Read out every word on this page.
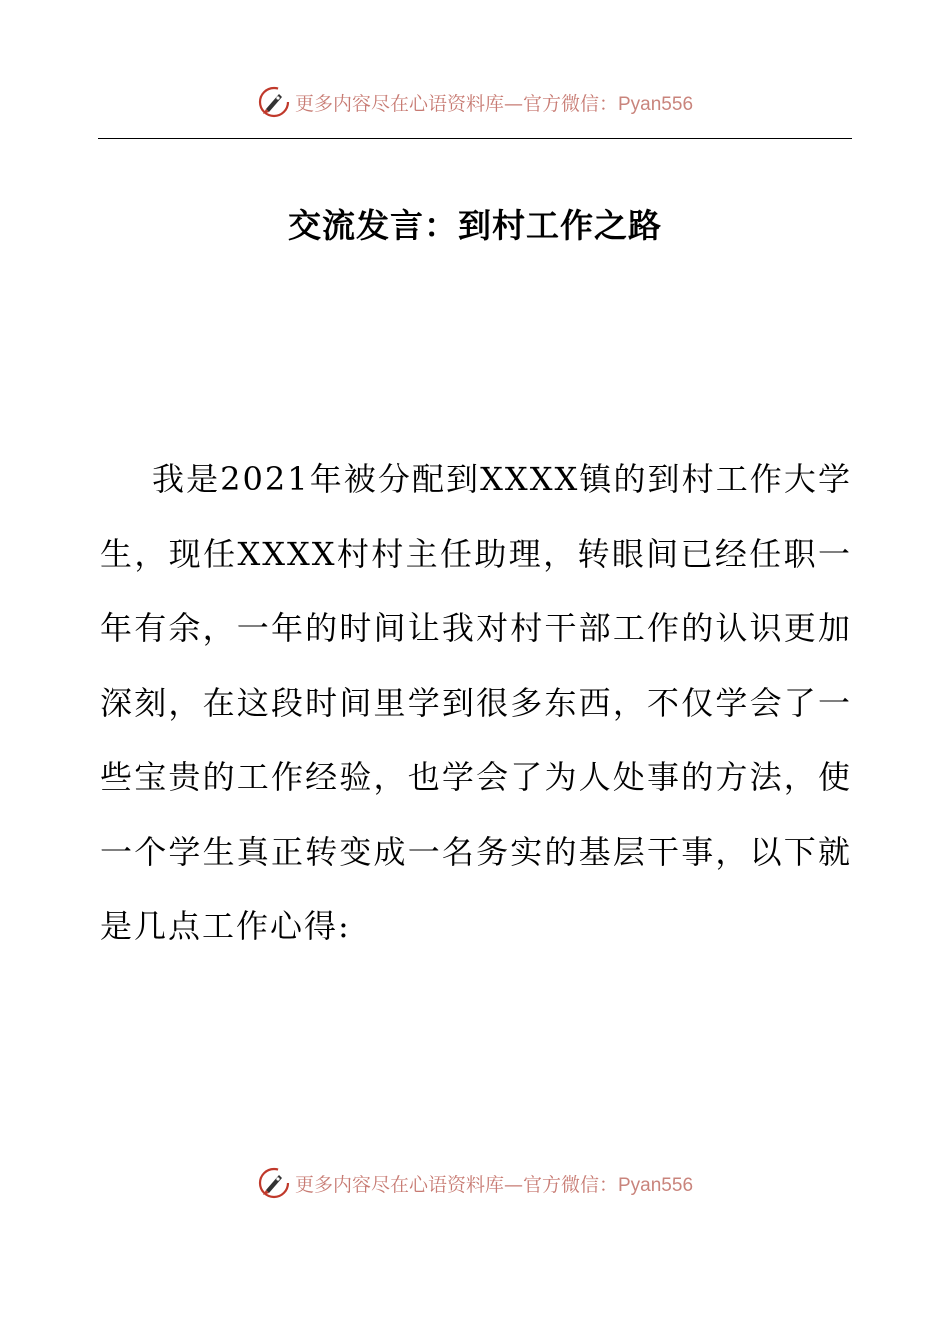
更多内容尽在心语资料库—官方微信：Pyan556
交流发言：到村工作之路

我是2021年被分配到XXXX镇的到村工作大学生，现任XXXX村村主任助理，转眼间已经任职一年有余，一年的时间让我对村干部工作的认识更加深刻，在这段时间里学到很多东西，不仅学会了一些宝贵的工作经验，也学会了为人处事的方法，使一个学生真正转变成一名务实的基层干事，以下就是几点工作心得:

更多内容尽在心语资料库—官方微信：Pyan556
